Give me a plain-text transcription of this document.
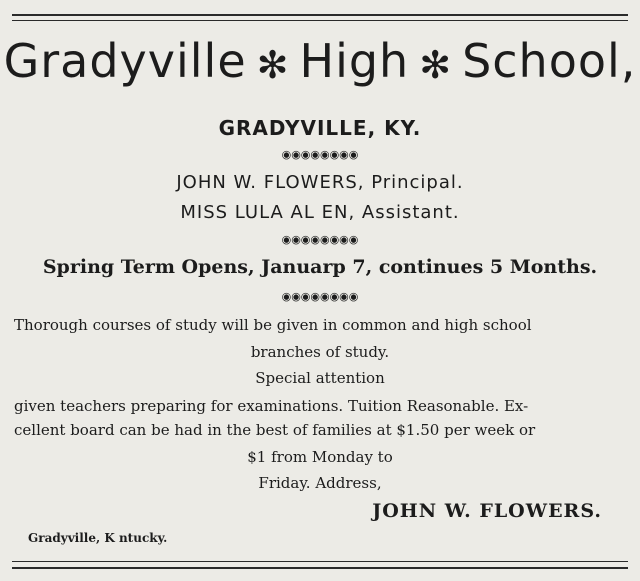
Gradyville ✻ High ✻ School,
GRADYVILLE, KY.
◉◉◉◉◉◉◉◉
JOHN W. FLOWERS, Principal.
MISS LULA AL EN, Assistant.
◉◉◉◉◉◉◉◉
Spring Term Opens, Januarp 7, continues 5 Months.
◉◉◉◉◉◉◉◉
Thorough courses of study will be given in common and high school
branches of study.
Special attention
given teachers preparing for examinations. Tuition Reasonable. Ex-
cellent board can be had in the best of families at $1.50 per week or
$1 from Monday to
Friday. Address,
JOHN W. FLOWERS.
Gradyville, K ntucky.
